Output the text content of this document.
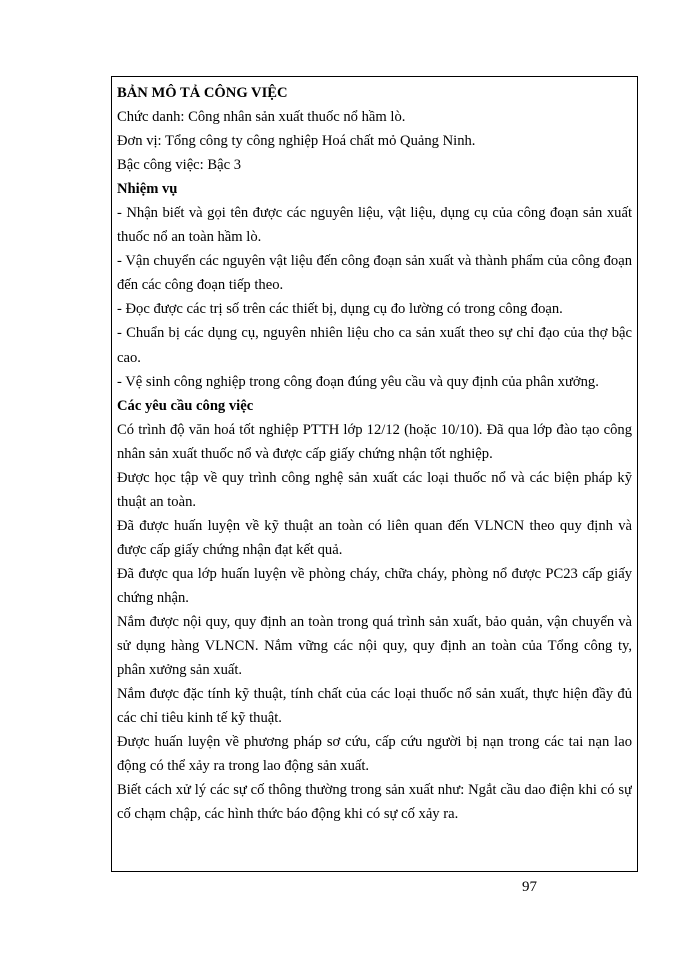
BẢN MÔ TẢ CÔNG VIỆC
Chức danh: Công nhân sản xuất thuốc nổ hầm lò.
Đơn vị: Tổng công ty công nghiệp Hoá chất mỏ Quảng Ninh.
Bậc công việc: Bậc 3
Nhiệm vụ

- Nhận biết và gọi tên được các nguyên liệu, vật liệu, dụng cụ của công đoạn sản xuất thuốc nổ an toàn hầm lò.

- Vận chuyển các nguyên vật liệu đến công đoạn sản xuất và thành phẩm của công đoạn đến các công đoạn tiếp theo.

- Đọc được các trị số trên các thiết bị, dụng cụ đo lường có trong công đoạn.

- Chuẩn bị các dụng cụ, nguyên nhiên liệu cho ca sản xuất theo sự chỉ đạo của thợ bậc cao.

- Vệ sinh công nghiệp trong công đoạn đúng yêu cầu và quy định của phân xưởng.

Các yêu cầu công việc

Có trình độ văn hoá tốt nghiệp PTTH lớp 12/12 (hoặc 10/10). Đã qua lớp đào tạo công nhân sản xuất thuốc nổ và được cấp giấy chứng nhận tốt nghiệp.

Được học tập về quy trình công nghệ sản xuất các loại thuốc nổ và các biện pháp kỹ thuật an toàn.

Đã được huấn luyện về kỹ thuật an toàn có liên quan đến VLNCN theo quy định và được cấp giấy chứng nhận đạt kết quả.

Đã được qua lớp huấn luyện về phòng cháy, chữa cháy, phòng nổ được PC23 cấp giấy chứng nhận.

Nắm được nội quy, quy định an toàn trong quá trình sản xuất, bảo quản, vận chuyển và sử dụng hàng VLNCN. Nắm vững các nội quy, quy định an toàn của Tổng công ty, phân xưởng sản xuất.

Nắm được đặc tính kỹ thuật, tính chất của các loại thuốc nổ sản xuất, thực hiện đầy đủ các chỉ tiêu kinh tế kỹ thuật.

Được huấn luyện về phương pháp sơ cứu, cấp cứu người bị nạn trong các tai nạn lao động có thể xảy ra trong lao động sản xuất.

Biết cách xử lý các sự cố thông thường trong sản xuất như: Ngắt cầu dao điện khi có sự cố chạm chập, các hình thức báo động khi có sự cố xảy ra.

97
